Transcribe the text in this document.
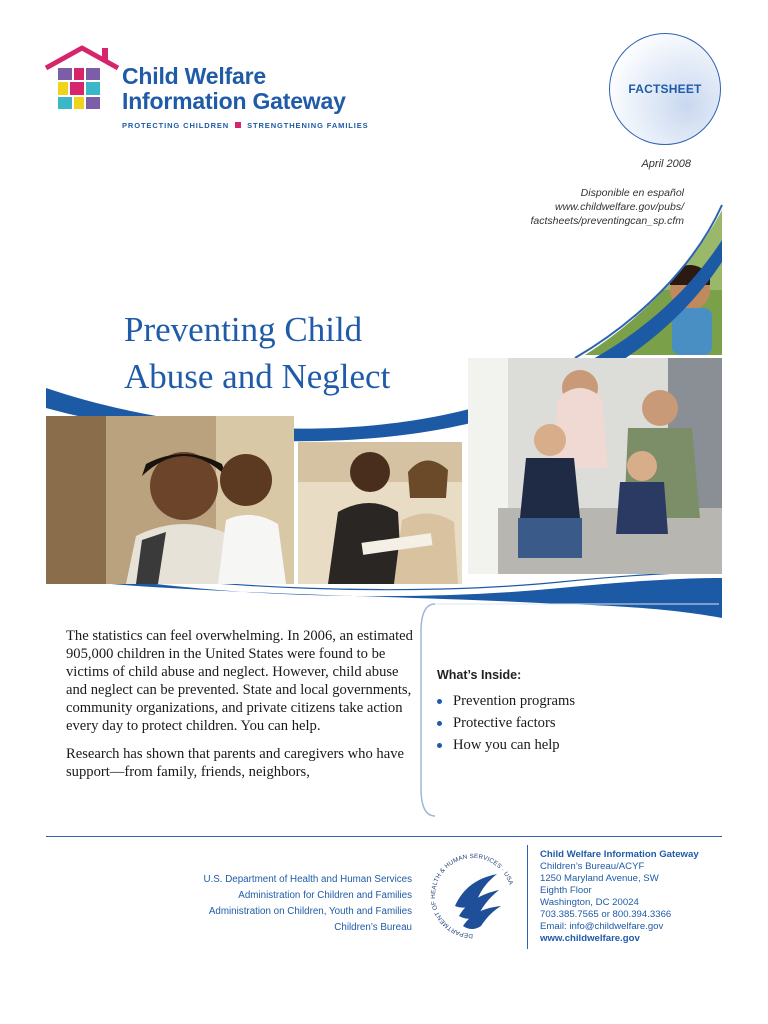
Child Welfare
Information Gateway
PROTECTING CHILDREN STRENGTHENING FAMILIES
FACTSHEET
April 2008
Disponible en español
www.childwelfare.gov/pubs/
factsheets/preventingcan_sp.cfm
Preventing Child
Abuse and Neglect

The statistics can feel overwhelming. In 2006, an estimated 905,000 children in the United States were found to be victims of child abuse and neglect. However, child abuse and neglect can be prevented. State and local governments, community organizations, and private citizens take action every day to protect children. You can help.

Research has shown that parents and caregivers who have support—from family, friends, neighbors,

What’s Inside:
Prevention programs
Protective factors
How you can help
U.S. Department of Health and Human Services
Administration for Children and Families
Administration on Children, Youth and Families
Children’s Bureau
DEPARTMENT OF HEALTH & HUMAN SERVICES · USA
Child Welfare Information Gateway
Children’s Bureau/ACYF
1250 Maryland Avenue, SW
Eighth Floor
Washington, DC 20024
703.385.7565 or 800.394.3366
Email: info@childwelfare.gov
www.childwelfare.gov
